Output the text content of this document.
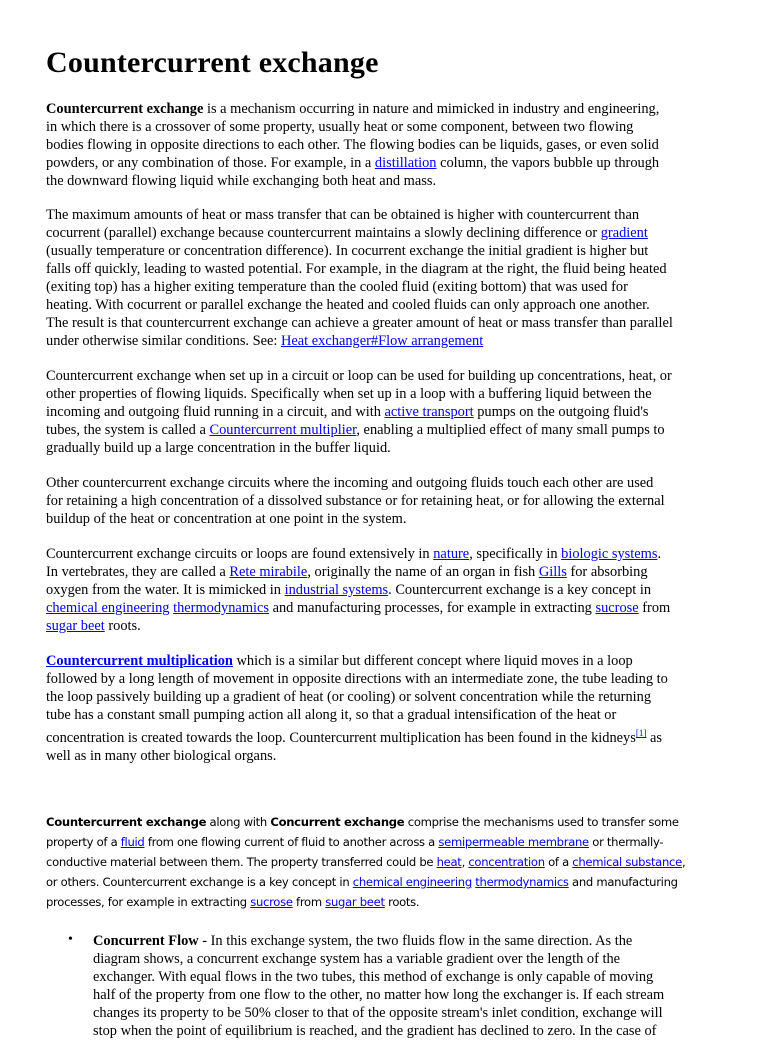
Countercurrent exchange
Countercurrent exchange is a mechanism occurring in nature and mimicked in industry and engineering,
in which there is a crossover of some property, usually heat or some component, between two flowing
bodies flowing in opposite directions to each other. The flowing bodies can be liquids, gases, or even solid
powders, or any combination of those. For example, in a distillation column, the vapors bubble up through
the downward flowing liquid while exchanging both heat and mass.
The maximum amounts of heat or mass transfer that can be obtained is higher with countercurrent than
cocurrent (parallel) exchange because countercurrent maintains a slowly declining difference or gradient
(usually temperature or concentration difference). In cocurrent exchange the initial gradient is higher but
falls off quickly, leading to wasted potential. For example, in the diagram at the right, the fluid being heated
(exiting top) has a higher exiting temperature than the cooled fluid (exiting bottom) that was used for
heating. With cocurrent or parallel exchange the heated and cooled fluids can only approach one another.
The result is that countercurrent exchange can achieve a greater amount of heat or mass transfer than parallel
under otherwise similar conditions. See: Heat exchanger#Flow arrangement
Countercurrent exchange when set up in a circuit or loop can be used for building up concentrations, heat, or
other properties of flowing liquids. Specifically when set up in a loop with a buffering liquid between the
incoming and outgoing fluid running in a circuit, and with active transport pumps on the outgoing fluid's
tubes, the system is called a Countercurrent multiplier, enabling a multiplied effect of many small pumps to
gradually build up a large concentration in the buffer liquid.
Other countercurrent exchange circuits where the incoming and outgoing fluids touch each other are used
for retaining a high concentration of a dissolved substance or for retaining heat, or for allowing the external
buildup of the heat or concentration at one point in the system.
Countercurrent exchange circuits or loops are found extensively in nature, specifically in biologic systems.
In vertebrates, they are called a Rete mirabile, originally the name of an organ in fish Gills for absorbing
oxygen from the water. It is mimicked in industrial systems. Countercurrent exchange is a key concept in
chemical engineering thermodynamics and manufacturing processes, for example in extracting sucrose from
sugar beet roots.
Countercurrent multiplication which is a similar but different concept where liquid moves in a loop
followed by a long length of movement in opposite directions with an intermediate zone, the tube leading to
the loop passively building up a gradient of heat (or cooling) or solvent concentration while the returning
tube has a constant small pumping action all along it, so that a gradual intensification of the heat or
concentration is created towards the loop. Countercurrent multiplication has been found in the kidneys[1] as
well as in many other biological organs.
Countercurrent exchange along with Concurrent exchange comprise the mechanisms used to transfer some
property of a fluid from one flowing current of fluid to another across a semipermeable membrane or thermally-
conductive material between them. The property transferred could be heat, concentration of a chemical substance,
or others. Countercurrent exchange is a key concept in chemical engineering thermodynamics and manufacturing
processes, for example in extracting sucrose from sugar beet roots.
• Concurrent Flow - In this exchange system, the two fluids flow in the same direction. As the
diagram shows, a concurrent exchange system has a variable gradient over the length of the
exchanger. With equal flows in the two tubes, this method of exchange is only capable of moving
half of the property from one flow to the other, no matter how long the exchanger is. If each stream
changes its property to be 50% closer to that of the opposite stream's inlet condition, exchange will
stop when the point of equilibrium is reached, and the gradient has declined to zero. In the case of
